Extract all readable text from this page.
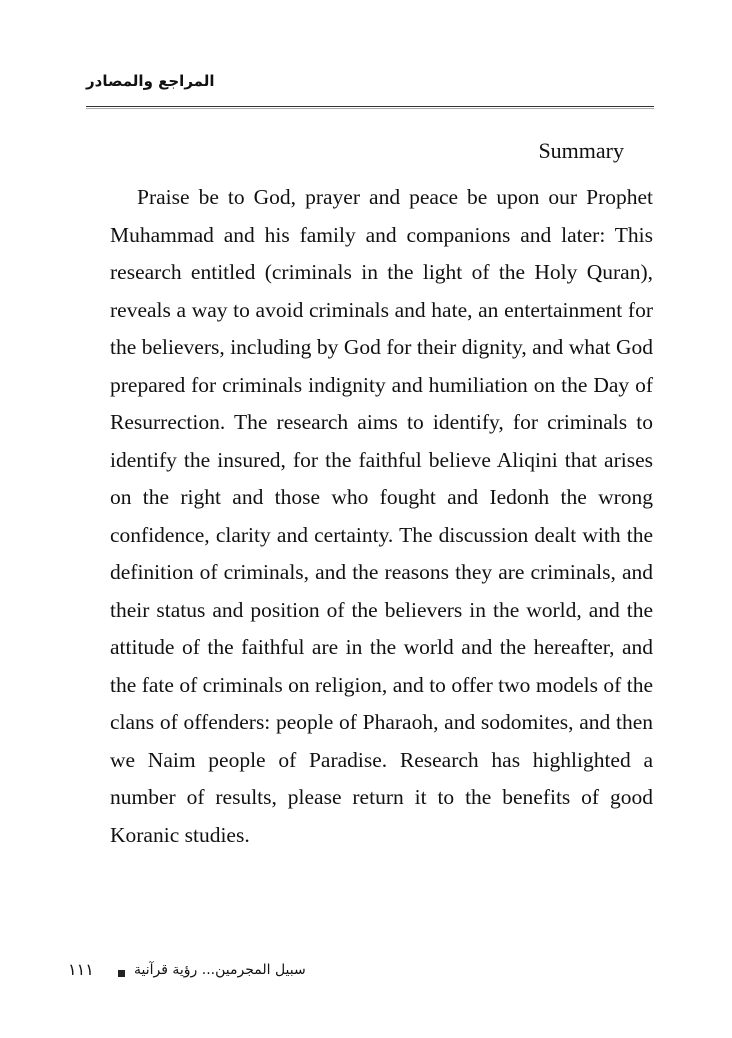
المراجع والمصادر
Summary

Praise be to God, prayer and peace be upon our Prophet Muhammad and his family and companions and later: This research entitled (criminals in the light of the Holy Quran), reveals a way to avoid criminals and hate, an entertainment for the believers, including by God for their dignity, and what God prepared for criminals indignity and humiliation on the Day of Resurrection. The research aims to identify, for criminals to identify the insured, for the faithful believe Aliqini that arises on the right and those who fought and Iedonh the wrong confidence, clarity and certainty. The discussion dealt with the definition of criminals, and the reasons they are criminals, and their status and position of the believers in the world, and the attitude of the faithful are in the world and the hereafter, and the fate of criminals on religion, and to offer two models of the clans of offenders: people of Pharaoh, and sodomites, and then we Naim people of Paradise. Research has highlighted a number of results, please return it to the benefits of good Koranic studies.

١١١	سبيل المجرمين... رؤية قرآنية
